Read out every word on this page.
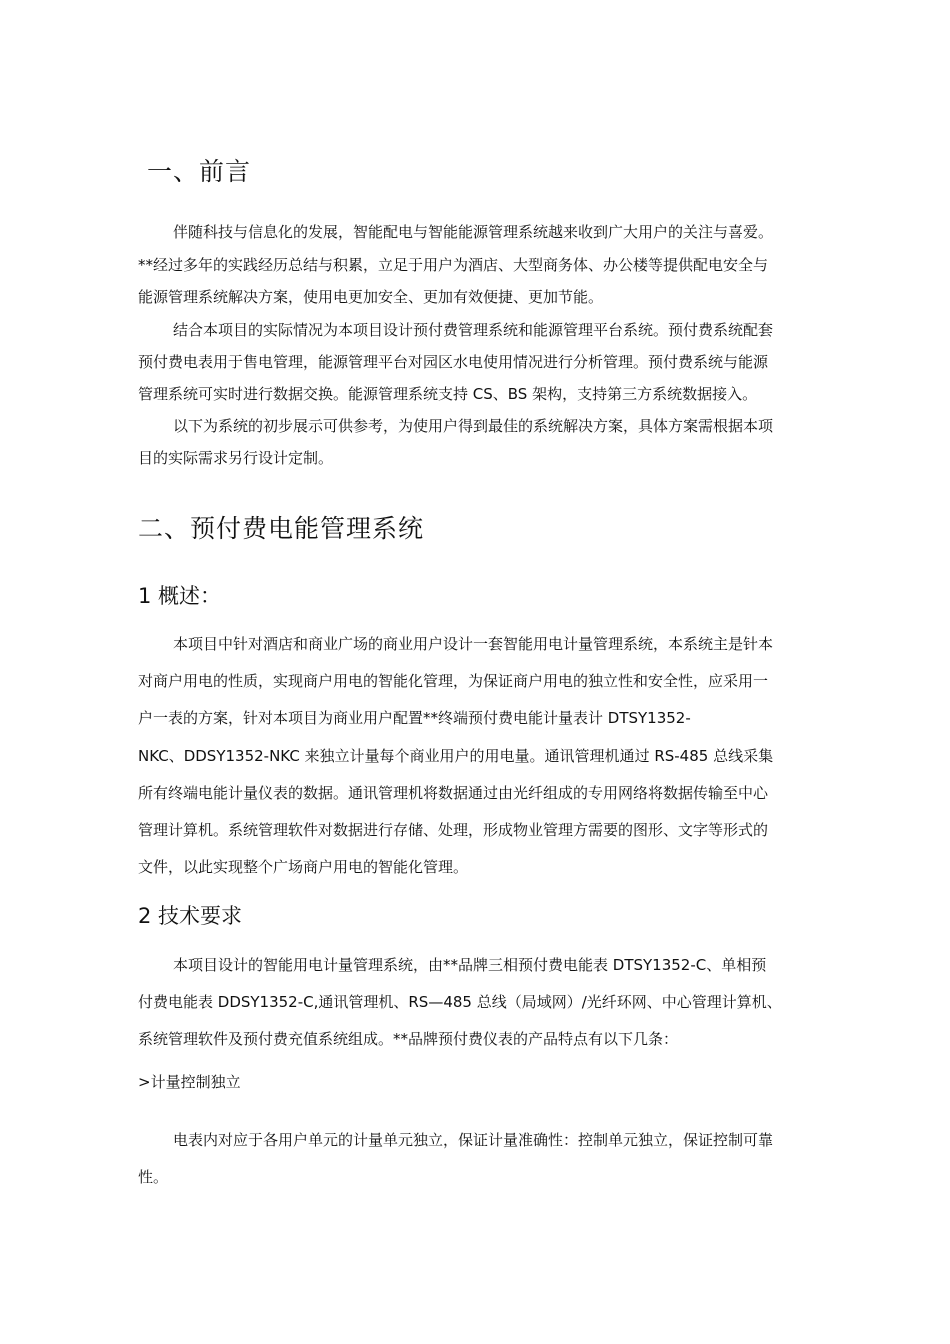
一、前言
伴随科技与信息化的发展，智能配电与智能能源管理系统越来收到广大用户的关注与喜爱。
**经过多年的实践经历总结与积累，立足于用户为酒店、大型商务体、办公楼等提供配电安全与
能源管理系统解决方案，使用电更加安全、更加有效便捷、更加节能。
结合本项目的实际情况为本项目设计预付费管理系统和能源管理平台系统。预付费系统配套
预付费电表用于售电管理，能源管理平台对园区水电使用情况进行分析管理。预付费系统与能源
管理系统可实时进行数据交换。能源管理系统支持 CS、BS 架构，支持第三方系统数据接入。
以下为系统的初步展示可供参考，为使用户得到最佳的系统解决方案，具体方案需根据本项
目的实际需求另行设计定制。
二、预付费电能管理系统
1 概述：
本项目中针对酒店和商业广场的商业用户设计一套智能用电计量管理系统，本系统主是针本
对商户用电的性质，实现商户用电的智能化管理，为保证商户用电的独立性和安全性，应采用一
户一表的方案，针对本项目为商业用户配置**终端预付费电能计量表计 DTSY1352-
NKC、DDSY1352-NKC 来独立计量每个商业用户的用电量。通讯管理机通过 RS-485 总线采集
所有终端电能计量仪表的数据。通讯管理机将数据通过由光纤组成的专用网络将数据传输至中心
管理计算机。系统管理软件对数据进行存储、处理，形成物业管理方需要的图形、文字等形式的
文件，以此实现整个广场商户用电的智能化管理。
2 技术要求
本项目设计的智能用电计量管理系统，由**品牌三相预付费电能表 DTSY1352-C、单相预
付费电能表 DDSY1352-C,通讯管理机、RS—485 总线（局域网）/光纤环网、中心管理计算机、
系统管理软件及预付费充值系统组成。**品牌预付费仪表的产品特点有以下几条：
>计量控制独立
电表内对应于各用户单元的计量单元独立，保证计量准确性：控制单元独立，保证控制可靠
性。
